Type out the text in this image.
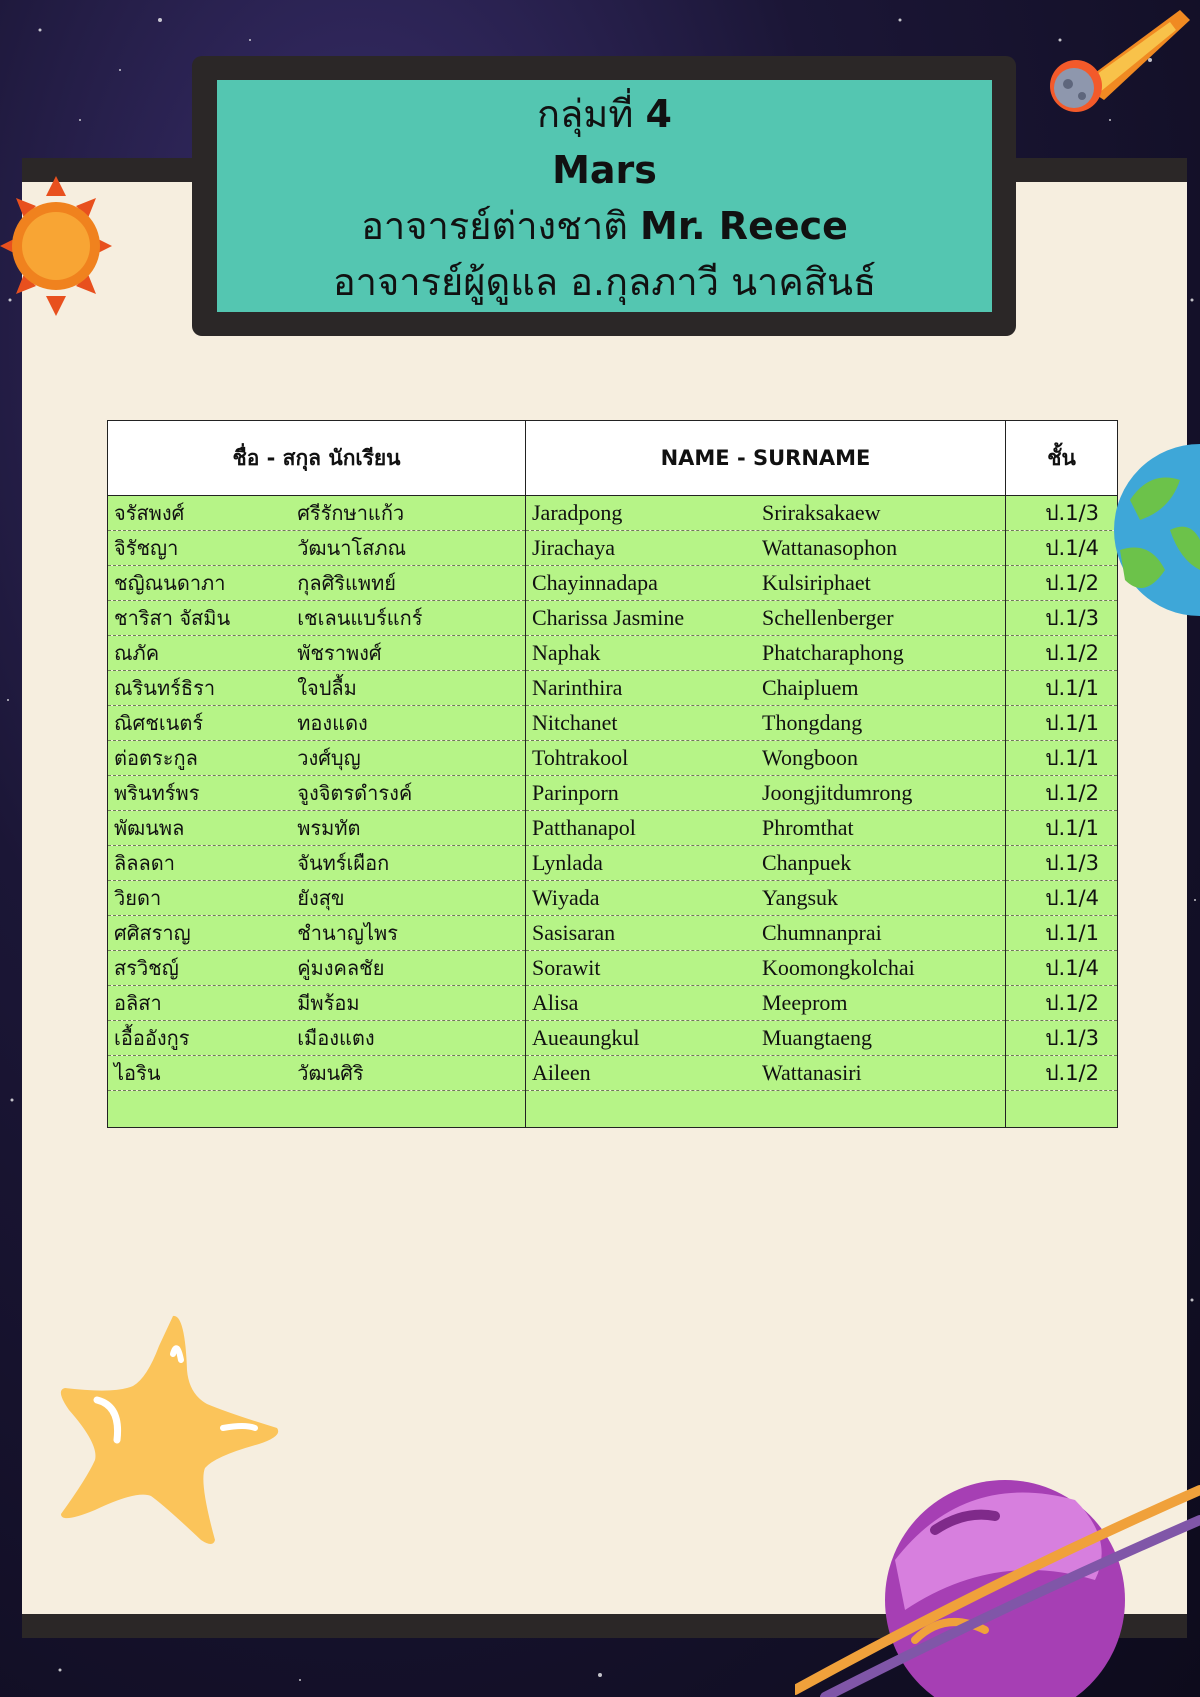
กลุ่มที่ 4
Mars
อาจารย์ต่างชาติ Mr. Reece
อาจารย์ผู้ดูแล อ.กุลภาวี นาคสินธ์
ชื่อ - สกุล นักเรียน	NAME - SURNAME	ชั้น

จรัสพงศ์ ศรีรักษาแก้ว	Jaradpong Sriraksakaew	ป.1/3

จิรัชญา วัฒนาโสภณ	Jirachaya Wattanasophon	ป.1/4

ชญิณนดาภา กุลศิริแพทย์	Chayinnadapa Kulsiriphaet	ป.1/2

ชาริสา จัสมิน เชเลนแบร์แกร์	Charissa Jasmine Schellenberger	ป.1/3

ณภัค พัชราพงศ์	Naphak Phatcharaphong	ป.1/2

ณรินทร์ธิรา ใจปลื้ม	Narinthira Chaipluem	ป.1/1

ณิศชเนตร์ ทองแดง	Nitchanet Thongdang	ป.1/1

ต่อตระกูล วงศ์บุญ	Tohtrakool Wongboon	ป.1/1

พรินทร์พร จูงจิตรดำรงค์	Parinporn Joongjitdumrong	ป.1/2

พัฒนพล พรมทัต	Patthanapol Phromthat	ป.1/1

ลิลลดา จันทร์เผือก	Lynlada Chanpuek	ป.1/3

วิยดา ยังสุข	Wiyada Yangsuk	ป.1/4

ศศิสราญ ชำนาญไพร	Sasisaran Chumnanprai	ป.1/1

สรวิชญ์ คู่มงคลชัย	Sorawit Koomongkolchai	ป.1/4

อลิสา มีพร้อม	Alisa Meeprom	ป.1/2

เอื้ออังกูร เมืองแตง	Aueaungkul Muangtaeng	ป.1/3

ไอริน วัฒนศิริ	Aileen Wattanasiri	ป.1/2
